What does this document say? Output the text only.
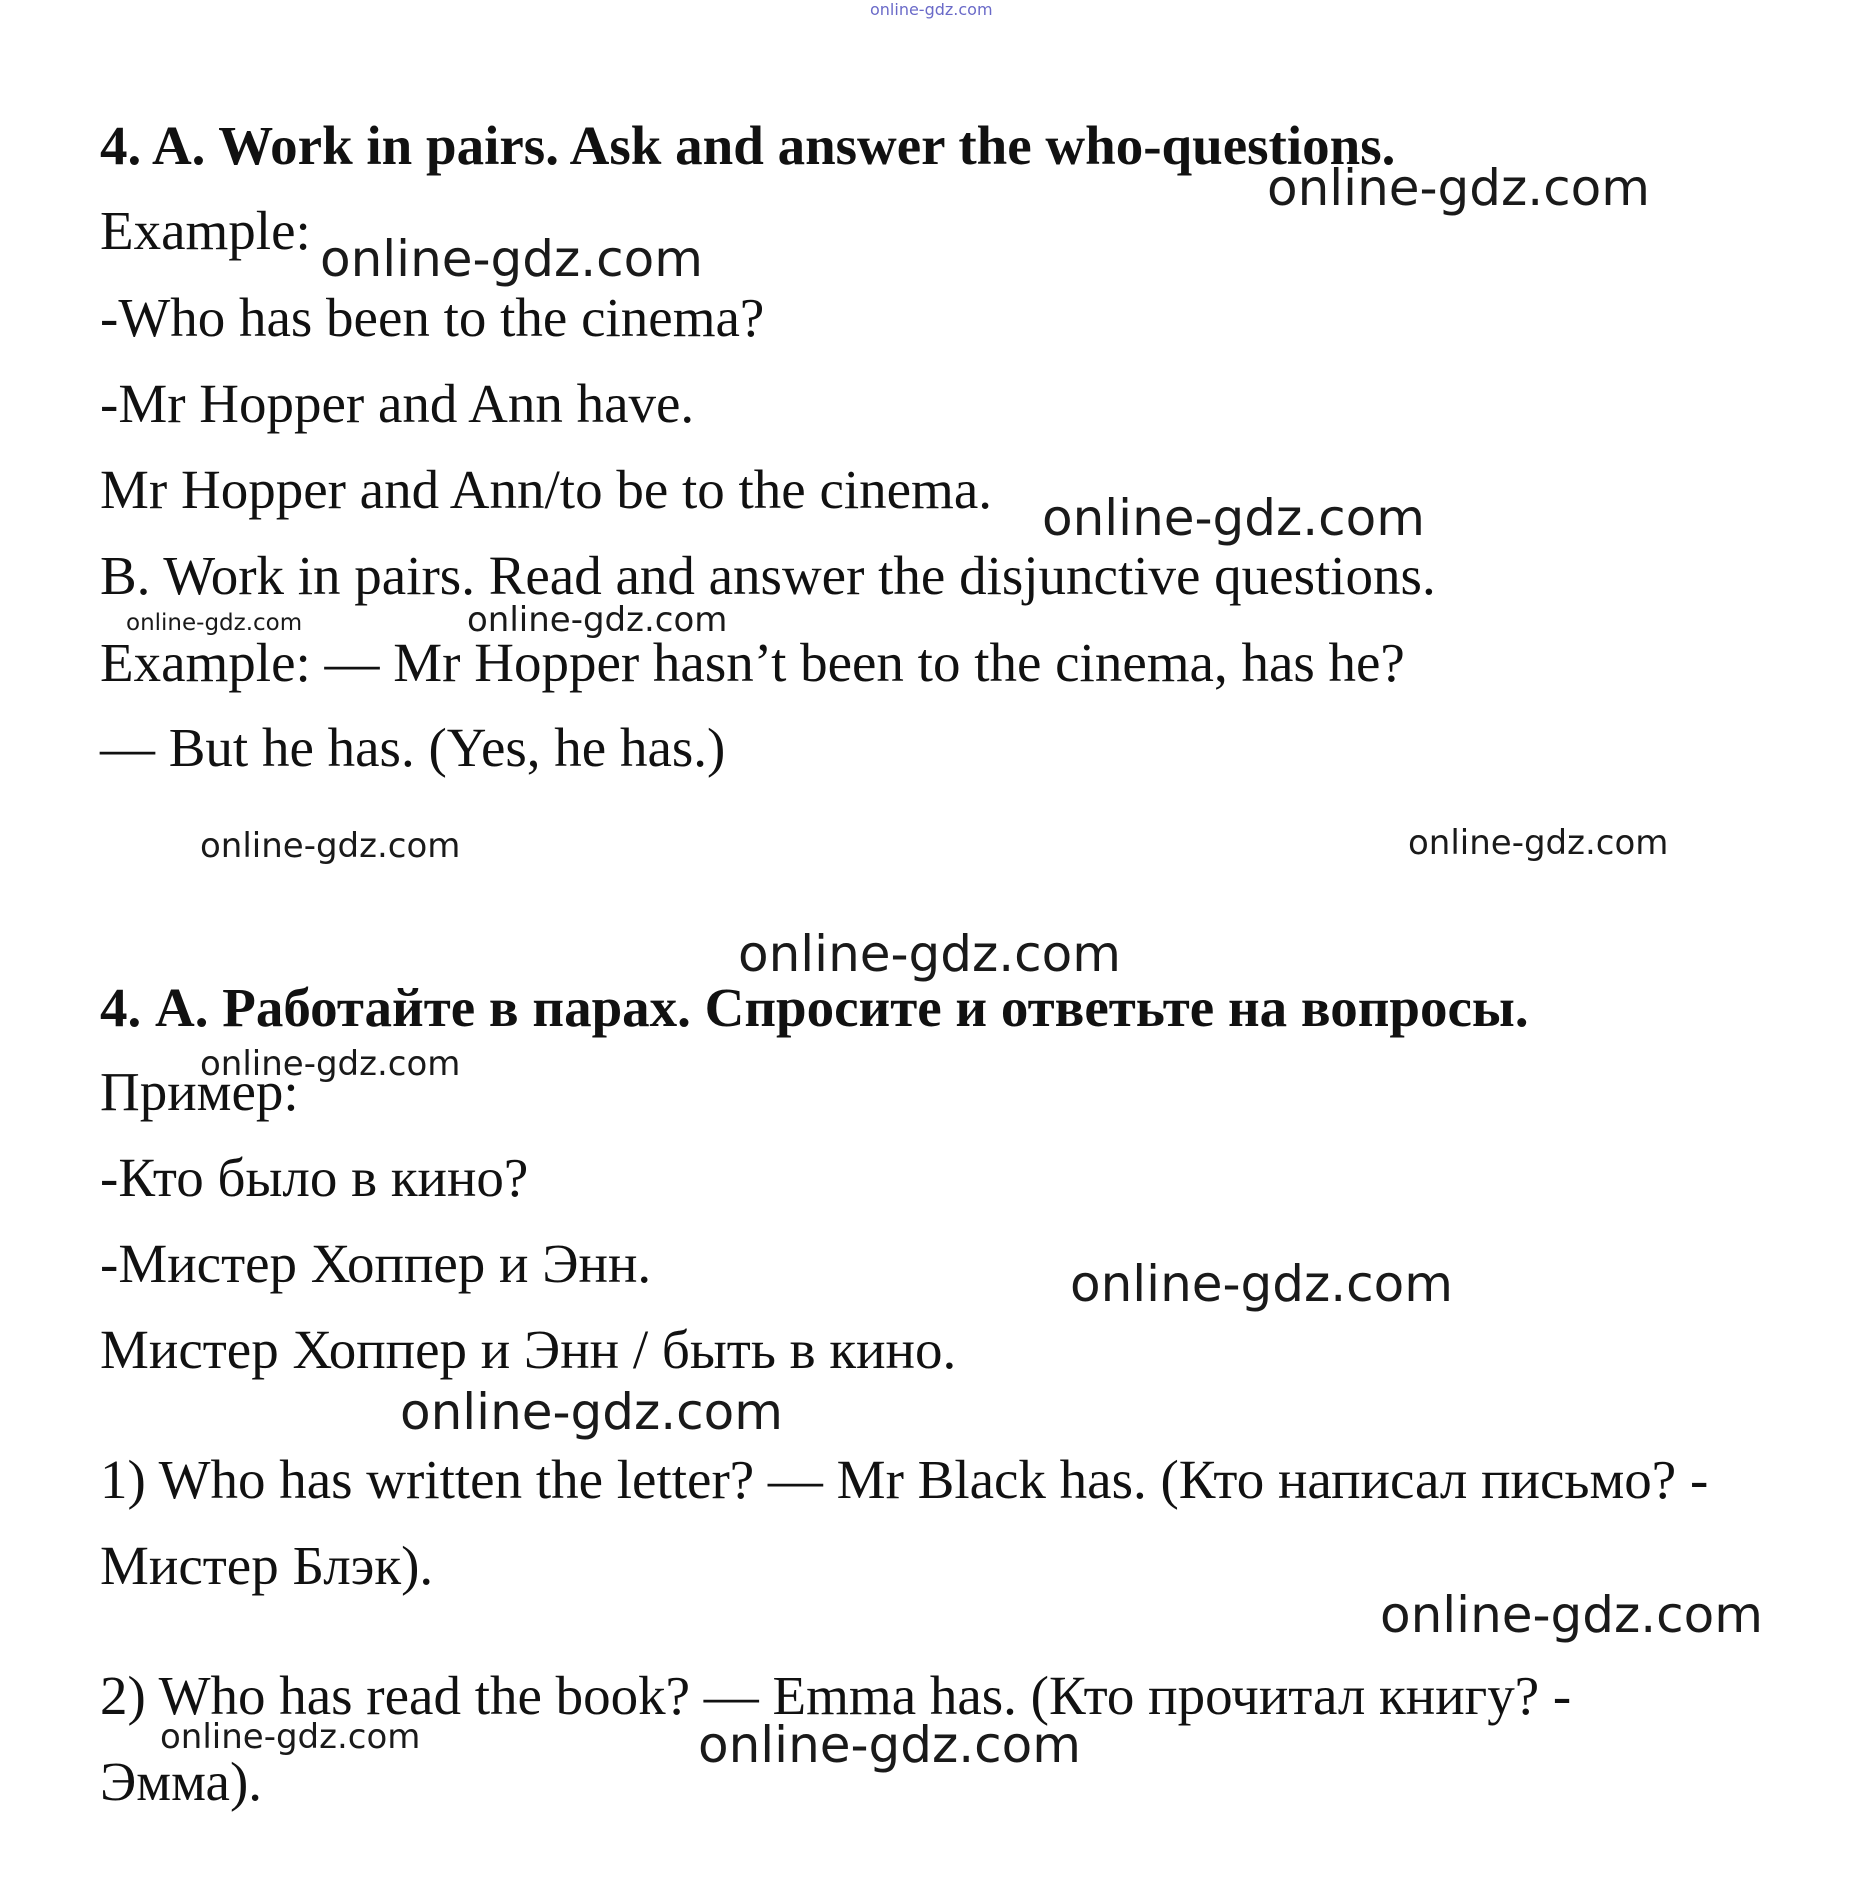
online-gdz.com
4. A. Work in pairs. Ask and answer the who-questions.
Example:
-Who has been to the cinema?
-Mr Hopper and Ann have.
Mr Hopper and Ann/to be to the cinema.
B. Work in pairs. Read and answer the disjunctive questions.
Example: — Mr Hopper hasn’t been to the cinema, has he?
— But he has. (Yes, he has.)
4. А. Работайте в парах. Спросите и ответьте на вопросы.
Пример:
-Кто было в кино?
-Мистер Хоппер и Энн.
Мистер Хоппер и Энн / быть в кино.
1) Who has written the letter? — Mr Black has. (Кто написал письмо? -
Мистер Блэк).
2) Who has read the book? — Emma has. (Кто прочитал книгу? -
Эмма).
online-gdz.com
online-gdz.com
online-gdz.com
online-gdz.com	online-gdz.com
online-gdz.com	online-gdz.com
online-gdz.com
online-gdz.com
online-gdz.com
online-gdz.com
online-gdz.com
online-gdz.com	online-gdz.com
